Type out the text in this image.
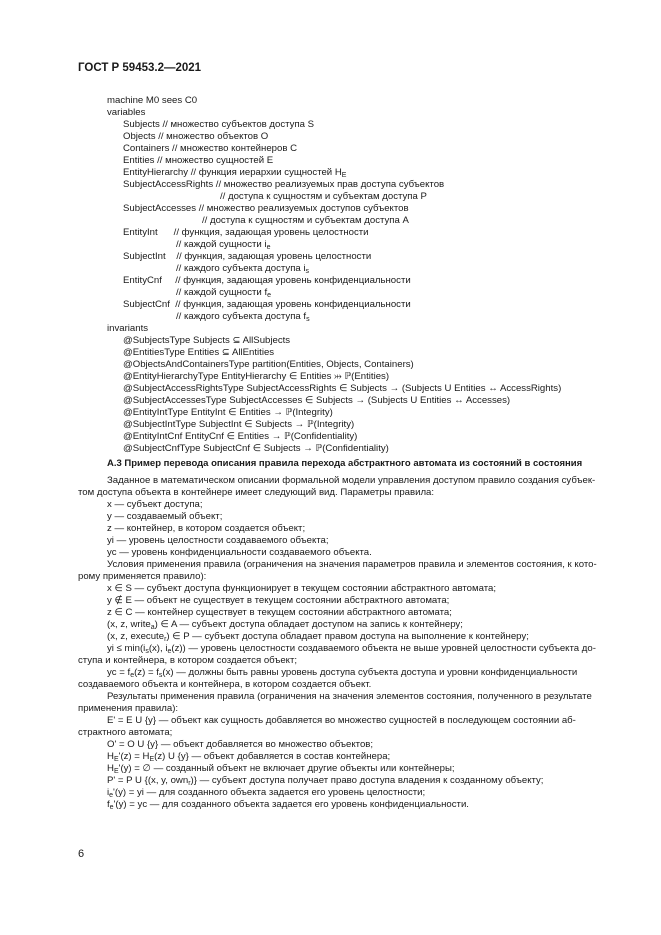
ГОСТ Р 59453.2—2021
machine M0 sees C0
variables
Subjects // множество субъектов доступа S
Objects // множество объектов O
Containers // множество контейнеров C
Entities // множество сущностей E
EntityHierarchy // функция иерархии сущностей $H_E$
SubjectAccessRights // множество реализуемых прав доступа субъектов
// доступа к сущностям и субъектам доступа P
SubjectAccesses // множество реализуемых доступов субъектов
// доступа к сущностям и субъектам доступа A
EntityInt      // функция, задающая уровень целостности
// каждой сущности $i_e$
SubjectInt    // функция, задающая уровень целостности
// каждого субъекта доступа $i_s$
EntityCnf     // функция, задающая уровень конфиденциальности
// каждой сущности $f_e$
SubjectCnf  // функция, задающая уровень конфиденциальности
// каждого субъекта доступа $f_s$
invariants
@SubjectsType Subjects ⊆ AllSubjects
@EntitiesType Entities ⊆ AllEntities
@ObjectsAndContainersType partition(Entities, Objects, Containers)
@EntityHierarchyType EntityHierarchy ∈ Entities ⤔ ℙ(Entities)
@SubjectAccessRightsType SubjectAccessRights ∈ Subjects → (Subjects U Entities ↔ AccessRights)
@SubjectAccessesType SubjectAccesses ∈ Subjects → (Subjects U Entities ↔ Accesses)
@EntityIntType EntityInt ∈ Entities → ℙ(Integrity)
@SubjectIntType SubjectInt ∈ Subjects → ℙ(Integrity)
@EntityIntCnf EntityCnf ∈ Entities → ℙ(Confidentiality)
@SubjectCnfType SubjectCnf ∈ Subjects → ℙ(Confidentiality)
А.3 Пример перевода описания правила перехода абстрактного автомата из состояний в состояния
Заданное в математическом описании формальной модели управления доступом правило создания субъек-
том доступа объекта в контейнере имеет следующий вид. Параметры правила:
x — субъект доступа;
y — создаваемый объект;
z — контейнер, в котором создается объект;
yi — уровень целостности создаваемого объекта;
yc — уровень конфиденциальности создаваемого объекта.
Условия применения правила (ограничения на значения параметров правила и элементов состояния, к кото-
рому применяется правило):
x ∈ S — субъект доступа функционирует в текущем состоянии абстрактного автомата;
y ∉ E — объект не существует в текущем состоянии абстрактного автомата;
z ∈ C — контейнер существует в текущем состоянии абстрактного автомата;
(x, z, write$_a$) ∈ A — субъект доступа обладает доступом на запись к контейнеру;
(x, z, execute$_r$) ∈ P — субъект доступа обладает правом доступа на выполнение к контейнеру;
yi ≤ $\min(i_s(x)$, $i_e(z)$) — уровень целостности создаваемого объекта не выше уровней целостности субъекта до-
ступа и контейнера, в котором создается объект;
yc = $f_e(z) = f_s(x)$ — должны быть равны уровень доступа субъекта доступа и уровни конфиденциальности
создаваемого объекта и контейнера, в котором создается объект.
Результаты применения правила (ограничения на значения элементов состояния, полученного в результате
применения правила):
E' = E U {y} — объект как сущность добавляется во множество сущностей в последующем состоянии аб-
страктного автомата;
O' = O U {y} — объект добавляется во множество объектов;
$H_E'(z) = H_E(z)$ U {y} — объект добавляется в состав контейнера;
$H_E'(y)$ = ∅ — созданный объект не включает другие объекты или контейнеры;
P' = P U {(x, y, own$_r$)} — субъект доступа получает право доступа владения к созданному объекту;
$i_e'(y)$ = yi — для созданного объекта задается его уровень целостности;
$f_e'(y)$ = yc — для созданного объекта задается его уровень конфиденциальности.
6
